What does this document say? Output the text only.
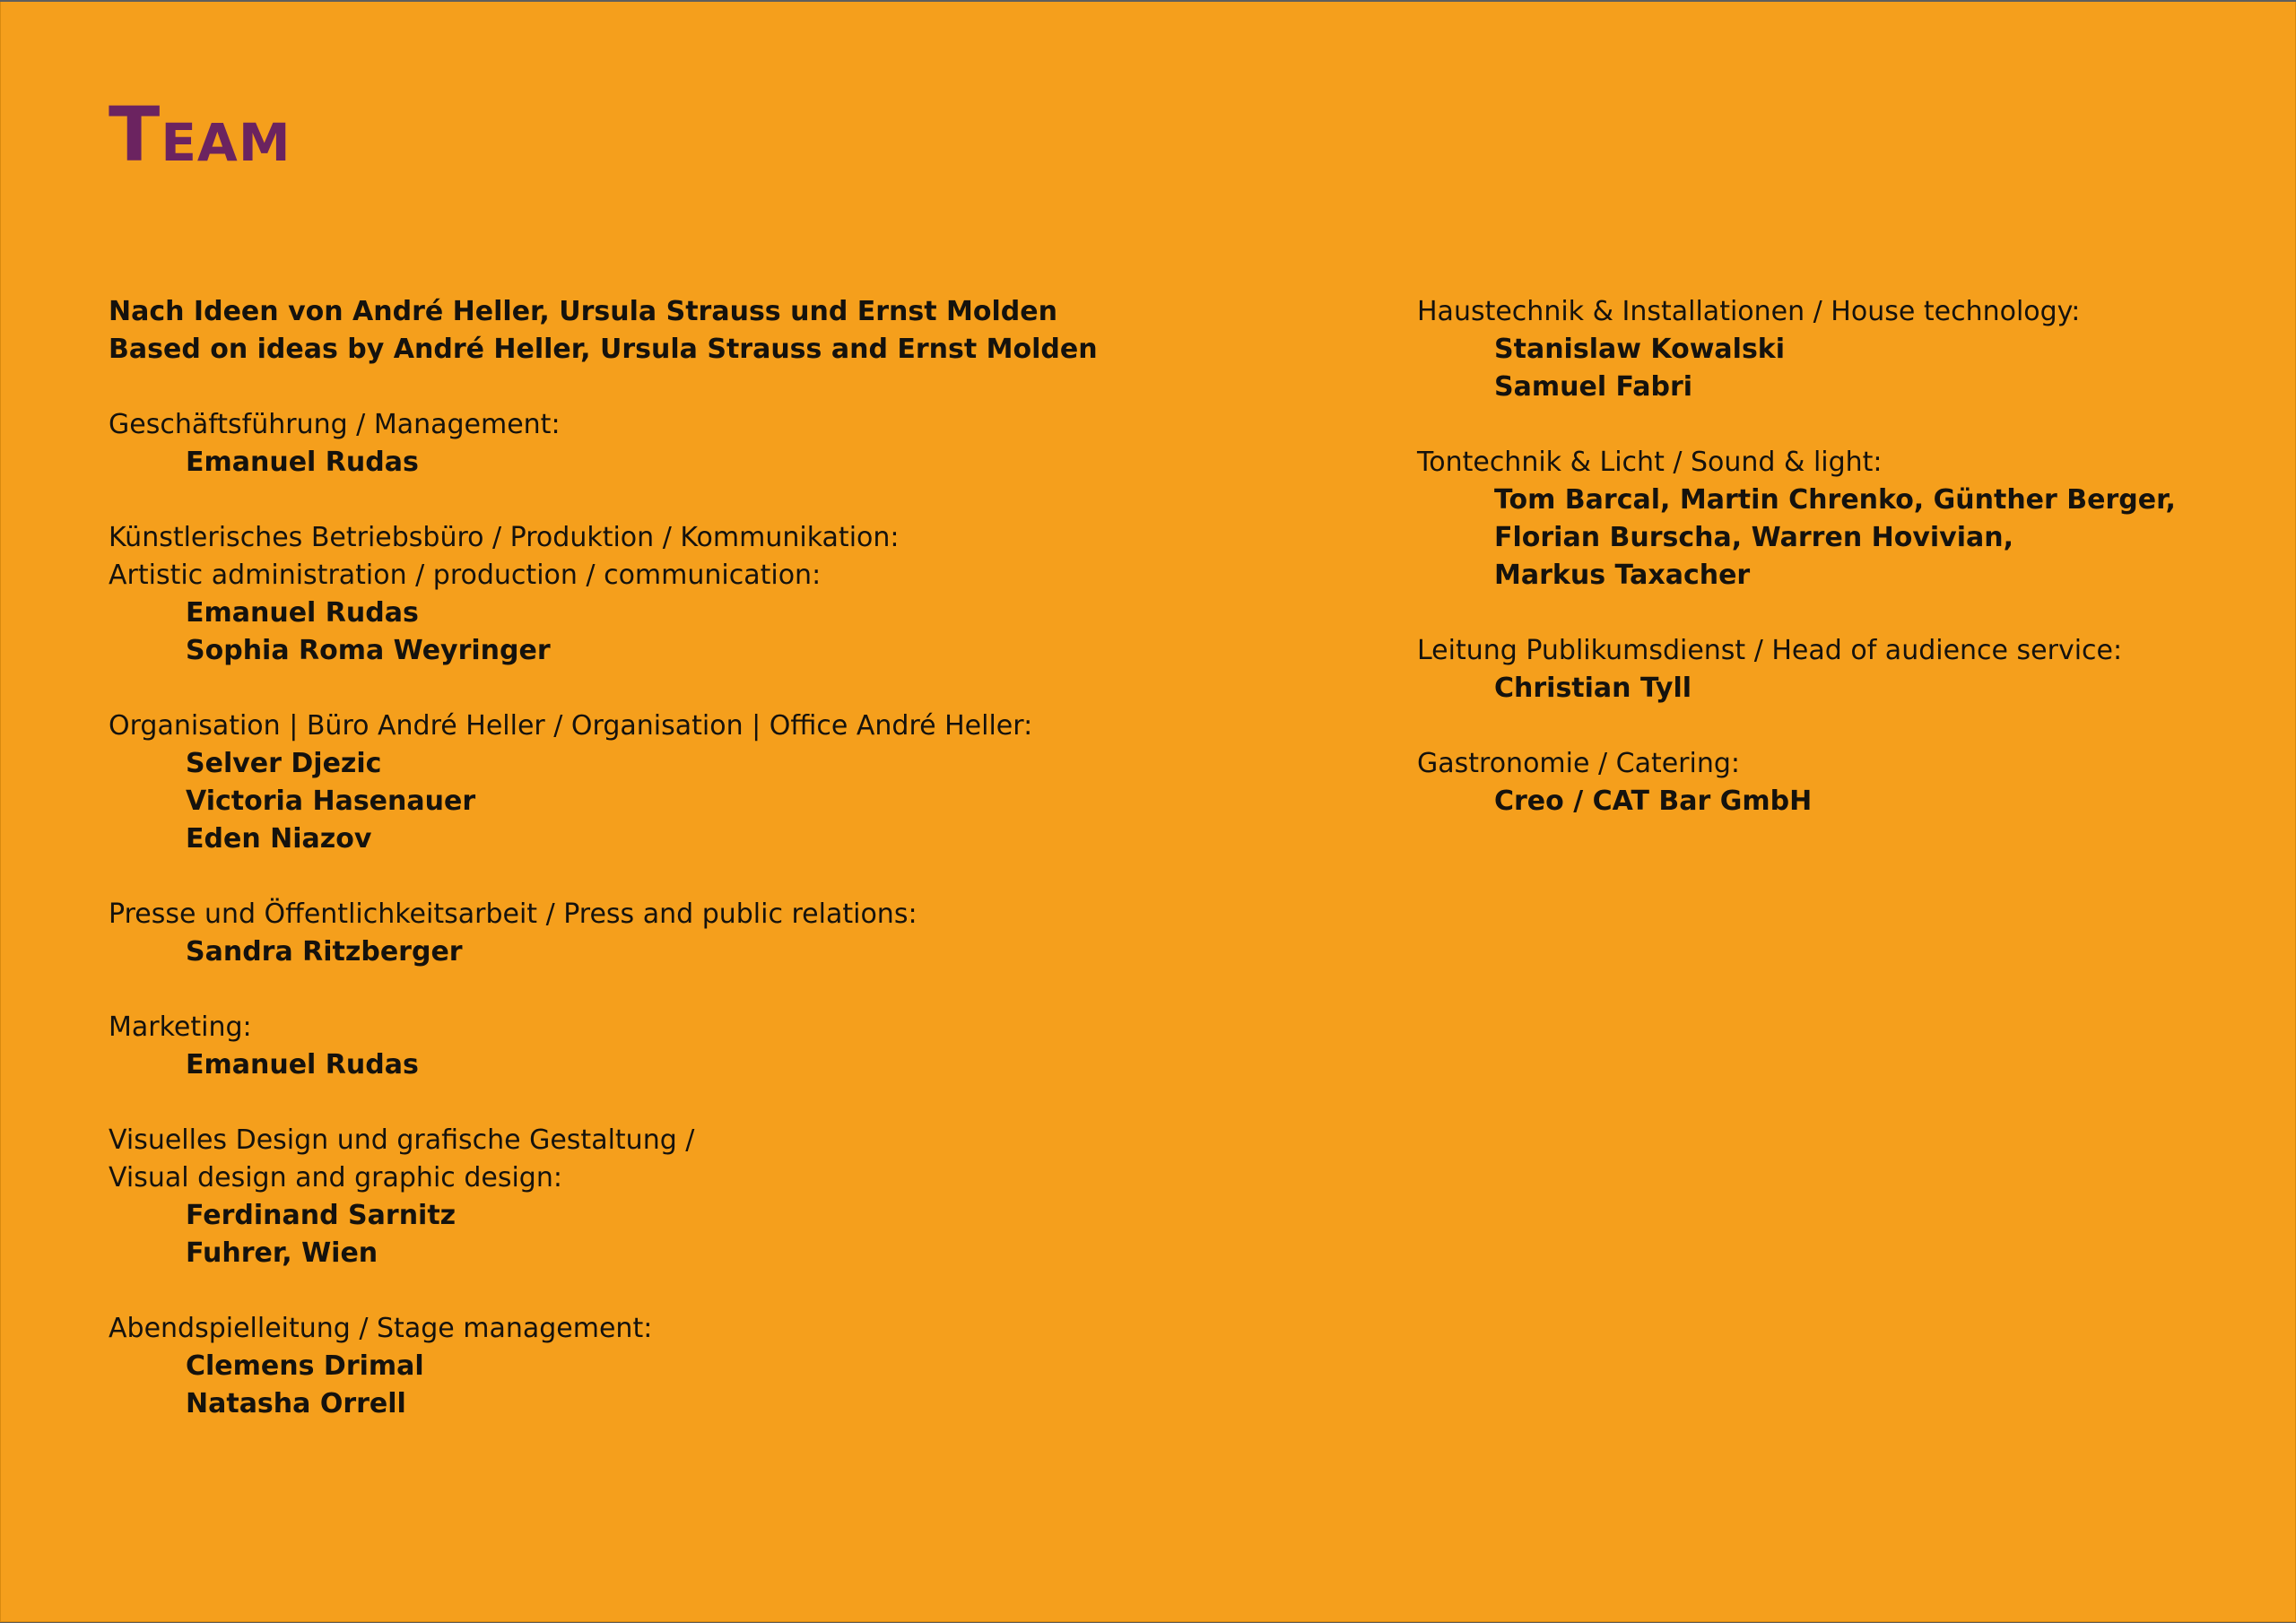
TEAM
Nach Ideen von André Heller, Ursula Strauss und Ernst Molden
Based on ideas by André Heller, Ursula Strauss and Ernst Molden
Geschäftsführung / Management:
Emanuel Rudas
Künstlerisches Betriebsbüro / Produktion / Kommunikation:
Artistic administration / production / communication:
Emanuel Rudas
Sophia Roma Weyringer
Organisation | Büro André Heller / Organisation | Office André Heller:
Selver Djezic
Victoria Hasenauer
Eden Niazov
Presse und Öffentlichkeitsarbeit / Press and public relations:
Sandra Ritzberger
Marketing:
Emanuel Rudas
Visuelles Design und grafische Gestaltung /
Visual design and graphic design:
Ferdinand Sarnitz
Fuhrer, Wien
Abendspielleitung / Stage management:
Clemens Drimal
Natasha Orrell
Haustechnik & Installationen / House technology:
Stanislaw Kowalski
Samuel Fabri
Tontechnik & Licht / Sound & light:
Tom Barcal, Martin Chrenko, Günther Berger,
Florian Burscha, Warren Hovivian,
Markus Taxacher
Leitung Publikumsdienst / Head of audience service:
Christian Tyll
Gastronomie / Catering:
Creo / CAT Bar GmbH
